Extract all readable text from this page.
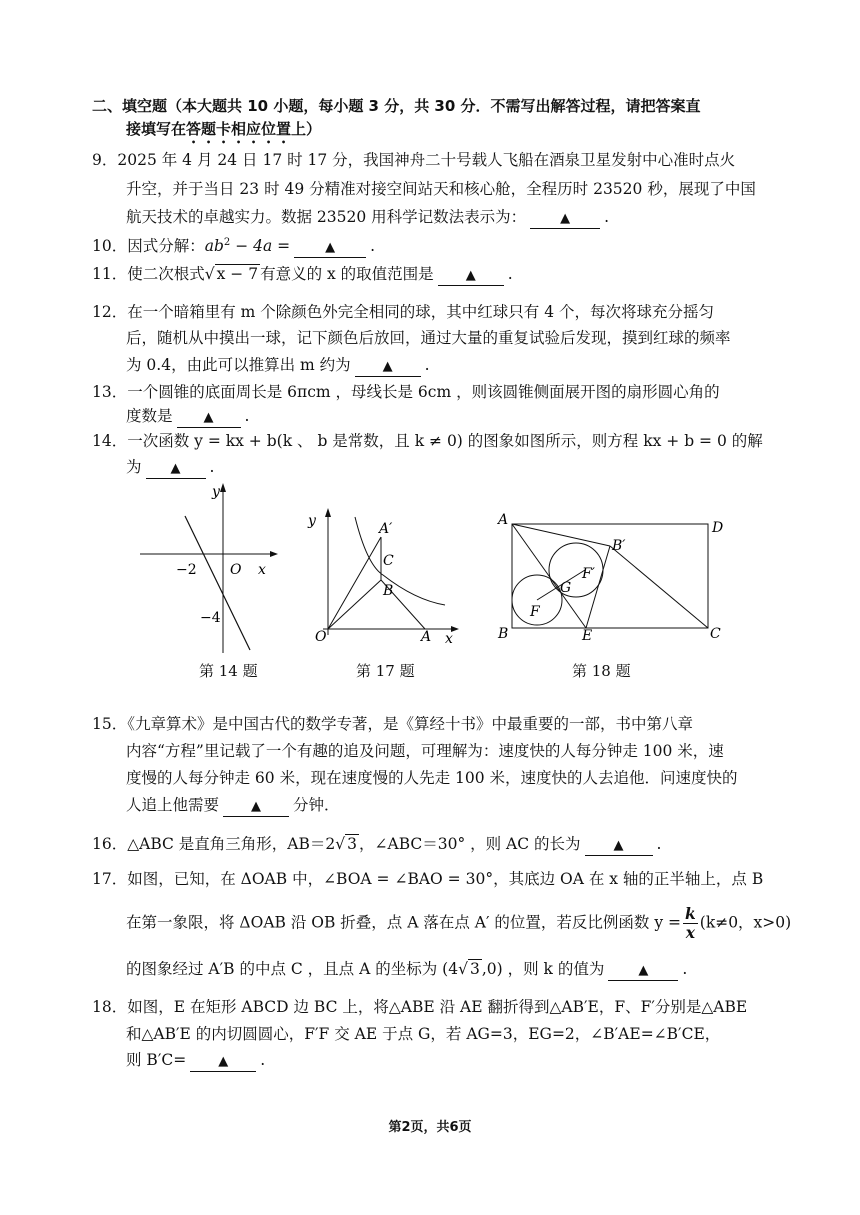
二、填空题（本大题共 10 小题，每小题 3 分，共 30 分．不需写出解答过程，请把答案直
接填写在答题卡相应位置上）
9．2025 年 4 月 24 日 17 时 17 分，我国神舟二十号载人飞船在酒泉卫星发射中心准时点火
升空，并于当日 23 时 49 分精准对接空间站天和核心舱，全程历时 23520 秒，展现了中国
航天技术的卓越实力。数据 23520 用科学记数法表示为：	▲ .
10．因式分解：$ab^2 - 4a$ =	▲ .
11．使二次根式√ x − 7 有意义的 x 的取值范围是 ▲ .
12．在一个暗箱里有 m 个除颜色外完全相同的球，其中红球只有 4 个，每次将球充分摇匀
后，随机从中摸出一球，记下颜色后放回，通过大量的重复试验后发现，摸到红球的频率
为 0.4，由此可以推算出 m 约为 ▲ .
13．一个圆锥的底面周长是 6πcm ，母线长是 6cm ，则该圆锥侧面展开图的扇形圆心角的
度数是 ▲ .
14．一次函数 y = kx + b(k 、 b 是常数，且 k ≠ 0) 的图象如图所示，则方程 kx + b = 0 的解
为 ▲ .
y
x
O
−2
−4
y
x
O	A
A′
C
B
A	D
B	C
E
B′
F
F′
G
第 14 题	第 17 题	第 18 题
15．《九章算术》是中国古代的数学专著，是《算经十书》中最重要的一部，书中第八章
内容“方程”里记载了一个有趣的追及问题，可理解为：速度快的人每分钟走 100 米，速
度慢的人每分钟走 60 米，现在速度慢的人先走 100 米，速度快的人去追他．问速度快的
人追上他需要 ▲ 分钟．
16．△ABC 是直角三角形，AB＝2√ 3 ，∠ABC＝30° ，则 AC 的长为	▲ .
17．如图，已知，在 ΔOAB 中，∠BOA = ∠BAO = 30°，其底边 OA 在 x 轴的正半轴上，点 B
在第一象限，将 ΔOAB 沿 OB 折叠，点 A 落在点 A′ 的位置，若反比例函数 $y = \frac{k}{x} (k\ne 0$，x>0)
的图象经过 A′B 的中点 C ，且点 A 的坐标为 (4√ 3 ,0) ，则 k 的值为	▲ .
18．如图，E 在矩形 ABCD 边 BC 上，将△ABE 沿 AE 翻折得到△AB′E，F、F′分别是△ABE
和△AB′E 的内切圆圆心，F′F 交 AE 于点 G，若 AG=3，EG=2，∠B′AE=∠B′CE，
则 B′C= ▲ .
第2页，共6页
